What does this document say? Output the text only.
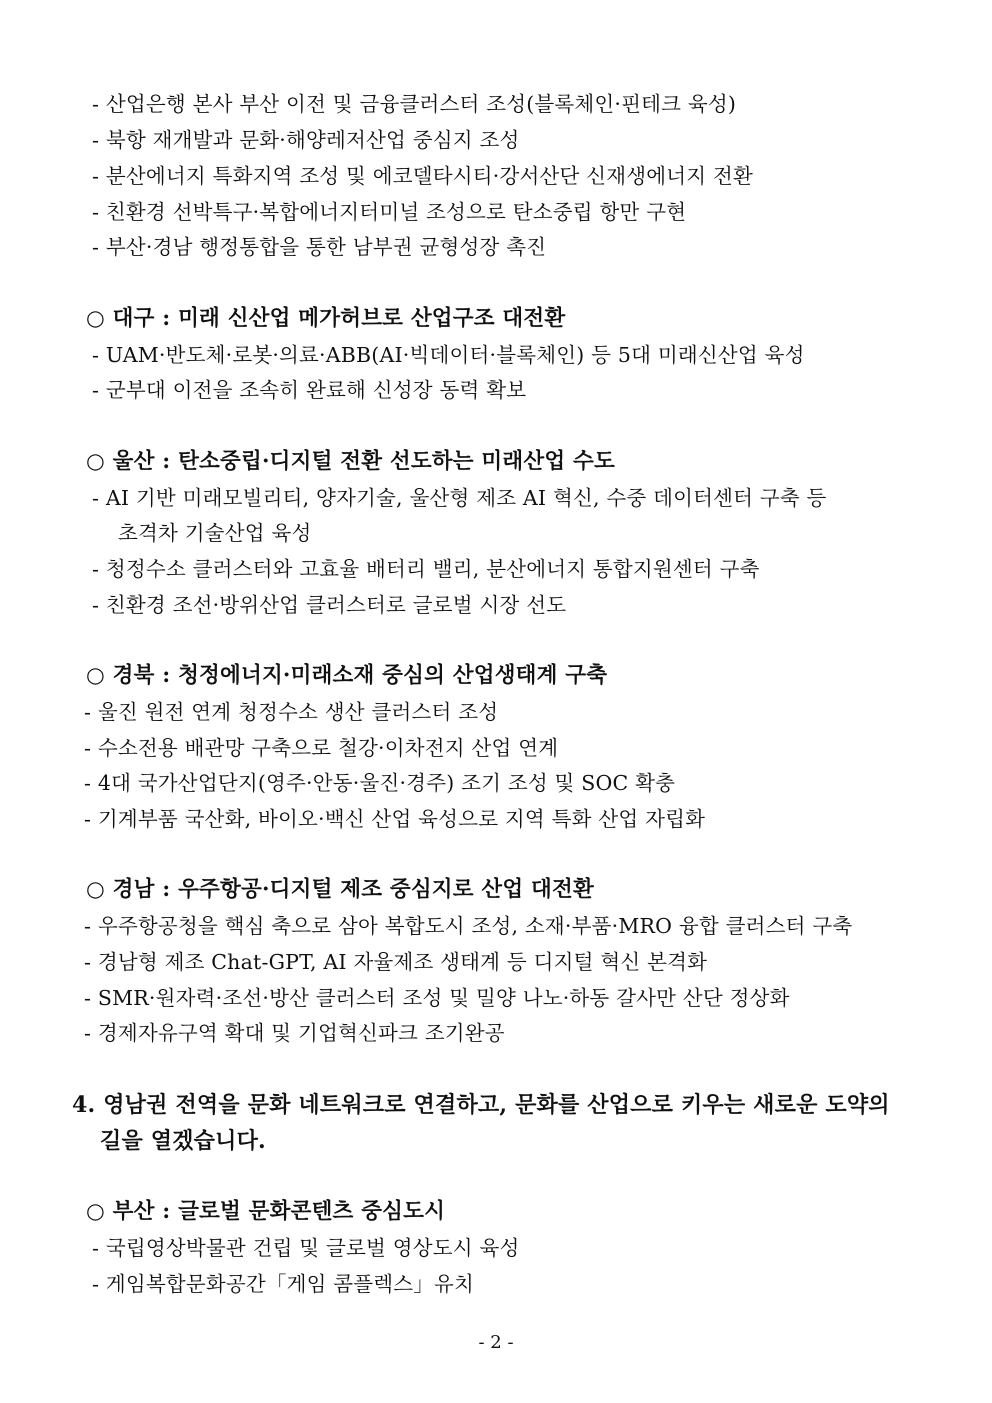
- 산업은행 본사 부산 이전 및 금융클러스터 조성(블록체인·핀테크 육성)
- 북항 재개발과 문화·해양레저산업 중심지 조성
- 분산에너지 특화지역 조성 및 에코델타시티·강서산단 신재생에너지 전환
- 친환경 선박특구·복합에너지터미널 조성으로 탄소중립 항만 구현
- 부산·경남 행정통합을 통한 남부권 균형성장 촉진
○ 대구 : 미래 신산업 메가허브로 산업구조 대전환
- UAM·반도체·로봇·의료·ABB(AI·빅데이터·블록체인) 등 5대 미래신산업 육성
- 군부대 이전을 조속히 완료해 신성장 동력 확보
○ 울산 : 탄소중립·디지털 전환 선도하는 미래산업 수도
- AI 기반 미래모빌리티, 양자기술, 울산형 제조 AI 혁신, 수중 데이터센터 구축 등
초격차 기술산업 육성
- 청정수소 클러스터와 고효율 배터리 밸리, 분산에너지 통합지원센터 구축
- 친환경 조선·방위산업 클러스터로 글로벌 시장 선도
○ 경북 : 청정에너지·미래소재 중심의 산업생태계 구축
- 울진 원전 연계 청정수소 생산 클러스터 조성
- 수소전용 배관망 구축으로 철강·이차전지 산업 연계
- 4대 국가산업단지(영주·안동·울진·경주) 조기 조성 및 SOC 확충
- 기계부품 국산화, 바이오·백신 산업 육성으로 지역 특화 산업 자립화
○ 경남 : 우주항공·디지털 제조 중심지로 산업 대전환
- 우주항공청을 핵심 축으로 삼아 복합도시 조성, 소재·부품·MRO 융합 클러스터 구축
- 경남형 제조 Chat-GPT, AI 자율제조 생태계 등 디지털 혁신 본격화
- SMR·원자력·조선·방산 클러스터 조성 및 밀양 나노·하동 갈사만 산단 정상화
- 경제자유구역 확대 및 기업혁신파크 조기완공
4. 영남권 전역을 문화 네트워크로 연결하고, 문화를 산업으로 키우는 새로운 도약의
길을 열겠습니다.
○ 부산 : 글로벌 문화콘텐츠 중심도시
- 국립영상박물관 건립 및 글로벌 영상도시 육성
- 게임복합문화공간「게임 콤플렉스」유치
- 2 -
